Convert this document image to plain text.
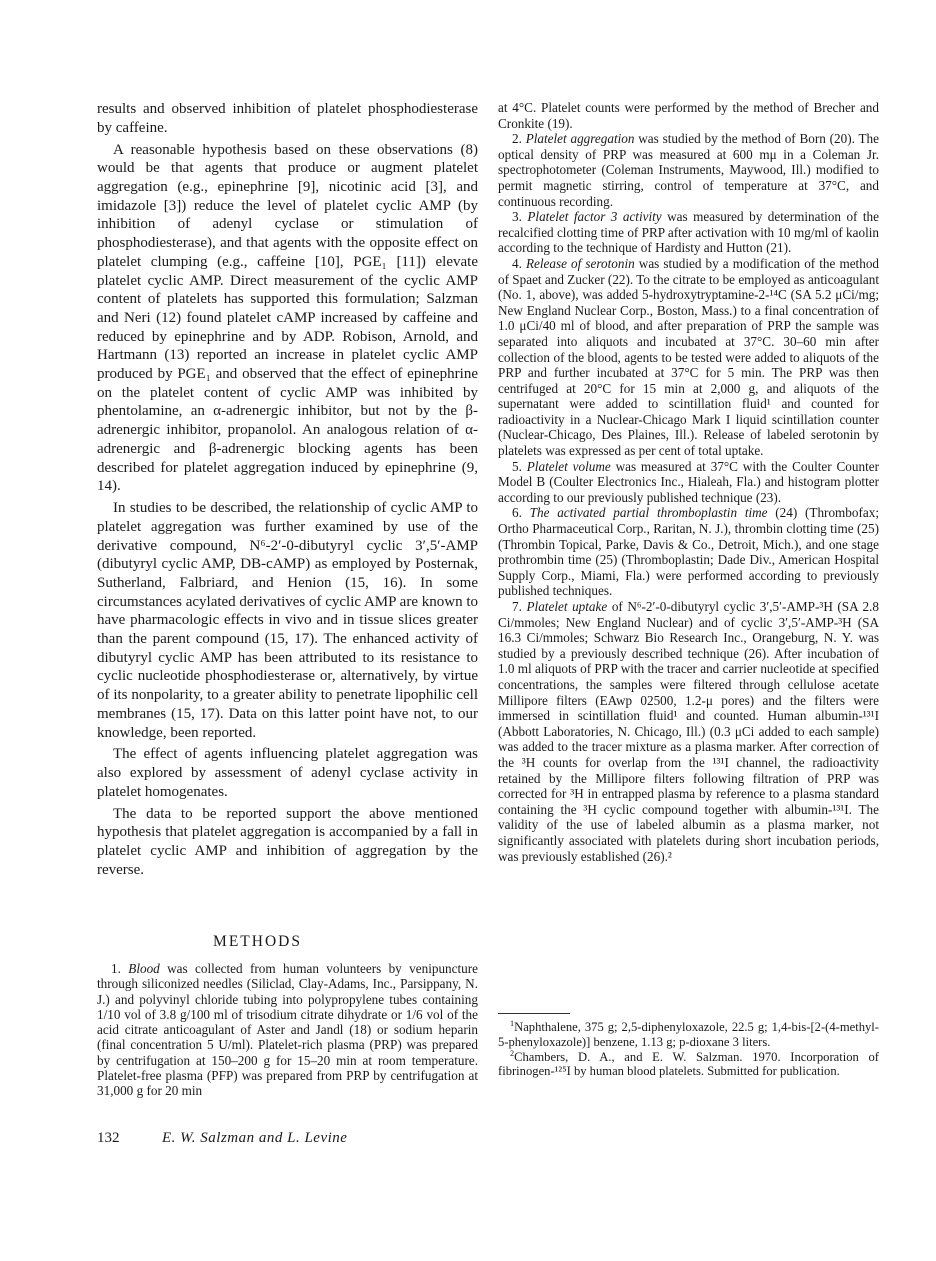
results and observed inhibition of platelet phosphodiesterase by caffeine.

A reasonable hypothesis based on these observations (8) would be that agents that produce or augment platelet aggregation (e.g., epinephrine [9], nicotinic acid [3], and imidazole [3]) reduce the level of platelet cyclic AMP (by inhibition of adenyl cyclase or stimulation of phosphodiesterase), and that agents with the opposite effect on platelet clumping (e.g., caffeine [10], PGE₁ [11]) elevate platelet cyclic AMP. Direct measurement of the cyclic AMP content of platelets has supported this formulation; Salzman and Neri (12) found platelet cAMP increased by caffeine and reduced by epinephrine and by ADP. Robison, Arnold, and Hartmann (13) reported an increase in platelet cyclic AMP produced by PGE₁ and observed that the effect of epinephrine on the platelet content of cyclic AMP was inhibited by phentolamine, an α-adrenergic inhibitor, but not by the β-adrenergic inhibitor, propanolol. An analogous relation of α-adrenergic and β-adrenergic blocking agents has been described for platelet aggregation induced by epinephrine (9, 14).

In studies to be described, the relationship of cyclic AMP to platelet aggregation was further examined by use of the derivative compound, N⁶-2′-0-dibutyryl cyclic 3′,5′-AMP (dibutyryl cyclic AMP, DB-cAMP) as employed by Posternak, Sutherland, Falbriard, and Henion (15, 16). In some circumstances acylated derivatives of cyclic AMP are known to have pharmacologic effects in vivo and in tissue slices greater than the parent compound (15, 17). The enhanced activity of dibutyryl cyclic AMP has been attributed to its resistance to cyclic nucleotide phosphodiesterase or, alternatively, by virtue of its nonpolarity, to a greater ability to penetrate lipophilic cell membranes (15, 17). Data on this latter point have not, to our knowledge, been reported.

The effect of agents influencing platelet aggregation was also explored by assessment of adenyl cyclase activity in platelet homogenates.

The data to be reported support the above mentioned hypothesis that platelet aggregation is accompanied by a fall in platelet cyclic AMP and inhibition of aggregation by the reverse.

METHODS

1. Blood was collected from human volunteers by venipuncture through siliconized needles (Siliclad, Clay-Adams, Inc., Parsippany, N. J.) and polyvinyl chloride tubing into polypropylene tubes containing 1/10 vol of 3.8 g/100 ml of trisodium citrate dihydrate or 1/6 vol of the acid citrate anticoagulant of Aster and Jandl (18) or sodium heparin (final concentration 5 U/ml). Platelet-rich plasma (PRP) was prepared by centrifugation at 150–200 g for 15–20 min at room temperature. Platelet-free plasma (PFP) was prepared from PRP by centrifugation at 31,000 g for 20 min

at 4°C. Platelet counts were performed by the method of Brecher and Cronkite (19).

2. Platelet aggregation was studied by the method of Born (20). The optical density of PRP was measured at 600 mμ in a Coleman Jr. spectrophotometer (Coleman Instruments, Maywood, Ill.) modified to permit magnetic stirring, control of temperature at 37°C, and continuous recording.

3. Platelet factor 3 activity was measured by determination of the recalcified clotting time of PRP after activation with 10 mg/ml of kaolin according to the technique of Hardisty and Hutton (21).

4. Release of serotonin was studied by a modification of the method of Spaet and Zucker (22). To the citrate to be employed as anticoagulant (No. 1, above), was added 5-hydroxytryptamine-2-¹⁴C (SA 5.2 μCi/mg; New England Nuclear Corp., Boston, Mass.) to a final concentration of 1.0 μCi/40 ml of blood, and after preparation of PRP the sample was separated into aliquots and incubated at 37°C. 30–60 min after collection of the blood, agents to be tested were added to aliquots of the PRP and further incubated at 37°C for 5 min. The PRP was then centrifuged at 20°C for 15 min at 2,000 g, and aliquots of the supernatant were added to scintillation fluid¹ and counted for radioactivity in a Nuclear-Chicago Mark I liquid scintillation counter (Nuclear-Chicago, Des Plaines, Ill.). Release of labeled serotonin by platelets was expressed as per cent of total uptake.

5. Platelet volume was measured at 37°C with the Coulter Counter Model B (Coulter Electronics Inc., Hialeah, Fla.) and histogram plotter according to our previously published technique (23).

6. The activated partial thromboplastin time (24) (Thrombofax; Ortho Pharmaceutical Corp., Raritan, N. J.), thrombin clotting time (25) (Thrombin Topical, Parke, Davis & Co., Detroit, Mich.), and one stage prothrombin time (25) (Thromboplastin; Dade Div., American Hospital Supply Corp., Miami, Fla.) were performed according to previously published techniques.

7. Platelet uptake of N⁶-2′-0-dibutyryl cyclic 3′,5′-AMP-³H (SA 2.8 Ci/mmoles; New England Nuclear) and of cyclic 3′,5′-AMP-³H (SA 16.3 Ci/mmoles; Schwarz Bio Research Inc., Orangeburg, N. Y. was studied by a previously described technique (26). After incubation of 1.0 ml aliquots of PRP with the tracer and carrier nucleotide at specified concentrations, the samples were filtered through cellulose acetate Millipore filters (EAwp 02500, 1.2-μ pores) and the filters were immersed in scintillation fluid¹ and counted. Human albumin-¹³¹I (Abbott Laboratories, N. Chicago, Ill.) (0.3 μCi added to each sample) was added to the tracer mixture as a plasma marker. After correction of the ³H counts for overlap from the ¹³¹I channel, the radioactivity retained by the Millipore filters following filtration of PRP was corrected for ³H in entrapped plasma by reference to a plasma standard containing the ³H cyclic compound together with albumin-¹³¹I. The validity of the use of labeled albumin as a plasma marker, not significantly associated with platelets during short incubation periods, was previously established (26).²

$^1$Naphthalene, 375 g; 2,5-diphenyloxazole, 22.5 g; 1,4-bis-[2-(4-methyl-5-phenyloxazole)] benzene, 1.13 g; p-dioxane 3 liters.

$^2$Chambers, D. A., and E. W. Salzman. 1970. Incorporation of fibrinogen-¹²⁵I by human blood platelets. Submitted for publication.

132	E. W. Salzman and L. Levine
